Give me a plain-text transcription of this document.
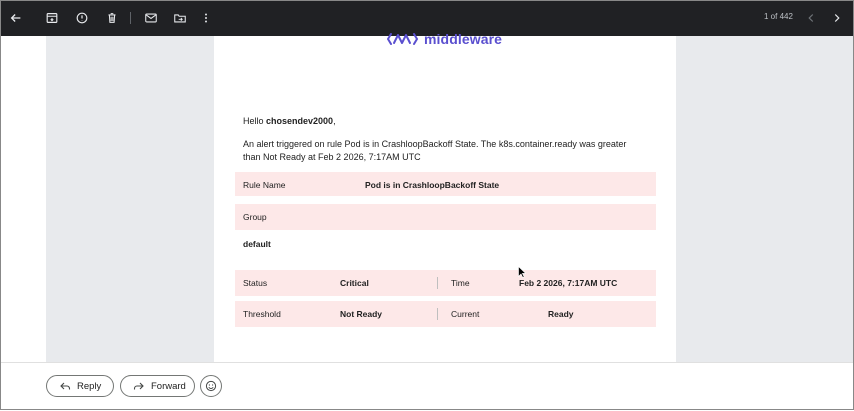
1 of 442
middleware
Hello chosendev2000,
An alert triggered on rule Pod is in CrashloopBackoff State. The k8s.container.ready was greater
than Not Ready at Feb 2 2026, 7:17AM UTC
Rule Name	Pod is in CrashloopBackoff State
Group
default
Status	Critical	Time	Feb 2 2026, 7:17AM UTC
Threshold	Not Ready	Current	Ready
Reply	Forward
